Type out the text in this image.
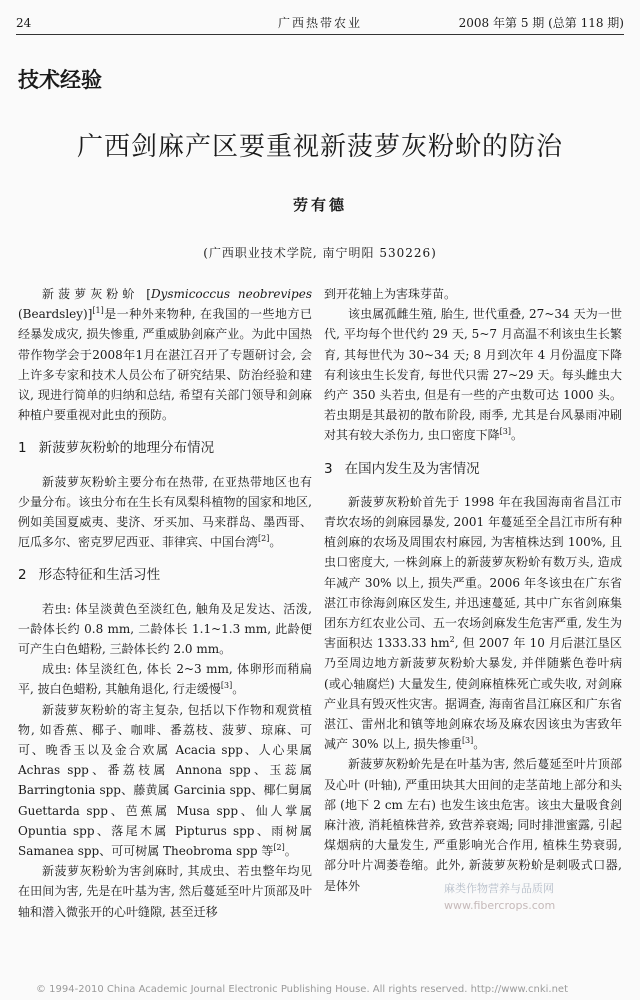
24	广西热带农业	2008 年第 5 期 (总第 118 期)
技术经验
广西剑麻产区要重视新菠萝灰粉蚧的防治
劳有德
(广西职业技术学院, 南宁明阳 530226)

新菠萝灰粉蚧 [Dysmicoccus neobrevipes (Beardsley)][1]是一种外来物种, 在我国的一些地方已经暴发成灾, 损失惨重, 严重威胁剑麻产业。为此中国热带作物学会于2008年1月在湛江召开了专题研讨会, 会上许多专家和技术人员公布了研究结果、防治经验和建议, 现进行简单的归纳和总结, 希望有关部门领导和剑麻种植户要重视对此虫的预防。

1 新菠萝灰粉蚧的地理分布情况

新菠萝灰粉蚧主要分布在热带, 在亚热带地区也有少量分布。该虫分布在生长有凤梨科植物的国家和地区, 例如美国夏威夷、斐济、牙买加、马来群岛、墨西哥、厄瓜多尔、密克罗尼西亚、菲律宾、中国台湾[2]。

2 形态特征和生活习性

若虫: 体呈淡黄色至淡红色, 触角及足发达、活泼, 一龄体长约 0.8 mm, 二龄体长 1.1~1.3 mm, 此龄便可产生白色蜡粉, 三龄体长约 2.0 mm。

成虫: 体呈淡红色, 体长 2~3 mm, 体卵形而稍扁平, 披白色蜡粉, 其触角退化, 行走缓慢[3]。

新菠萝灰粉蚧的寄主复杂, 包括以下作物和观赏植物, 如香蕉、椰子、咖啡、番荔枝、菠萝、琼麻、可可、晚香玉以及金合欢属 Acacia spp、人心果属 Achras spp、番荔枝属 Annona spp、玉蕊属 Barringtonia spp、藤黄属 Garcinia spp、椰仁舅属 Guettarda spp、芭蕉属 Musa spp、仙人掌属 Opuntia spp、落尾木属 Pipturus spp、雨树属 Samanea spp、可可树属 Theobroma spp 等[2]。

新菠萝灰粉蚧为害剑麻时, 其成虫、若虫整年均见在田间为害, 先是在叶基为害, 然后蔓延至叶片顶部及叶轴和潜入微张开的心叶缝隙, 甚至迁移

到开花轴上为害珠芽苗。

该虫属孤雌生殖, 胎生, 世代重叠, 27~34 天为一世代, 平均每个世代约 29 天, 5~7 月高温不利该虫生长繁育, 其每世代为 30~34 天; 8 月到次年 4 月份温度下降有利该虫生长发育, 每世代只需 27~29 天。每头雌虫大约产 350 头若虫, 但是有一些的产虫数可达 1000 头。若虫期是其最初的散布阶段, 雨季, 尤其是台风暴雨冲刷对其有较大杀伤力, 虫口密度下降[3]。

3 在国内发生及为害情况

新菠萝灰粉蚧首先于 1998 年在我国海南省昌江市青坎农场的剑麻园暴发, 2001 年蔓延至全昌江市所有种植剑麻的农场及周围农村麻园, 为害植株达到 100%, 且虫口密度大, 一株剑麻上的新菠萝灰粉蚧有数万头, 造成年减产 30% 以上, 损失严重。2006 年冬该虫在广东省湛江市徐海剑麻区发生, 并迅速蔓延, 其中广东省剑麻集团东方红农业公司、五一农场剑麻发生危害严重, 发生为害面积达 1333.33 $hm^2$, 但 2007 年 10 月后湛江垦区乃至周边地方新菠萝灰粉蚧大暴发, 并伴随紫色卷叶病 (或心轴腐烂) 大量发生, 使剑麻植株死亡或失收, 对剑麻产业具有毁灭性灾害。据调查, 海南省昌江麻区和广东省湛江、雷州北和镇等地剑麻农场及麻农因该虫为害致年减产 30% 以上, 损失惨重[3]。

新菠萝灰粉蚧先是在叶基为害, 然后蔓延至叶片顶部及心叶 (叶轴), 严重田块其大田间的走茎苗地上部分和头部 (地下 2 cm 左右) 也发生该虫危害。该虫大量吸食剑麻汁液, 消耗植株营养, 致营养衰竭; 同时排泄蜜露, 引起煤烟病的大量发生, 严重影响光合作用, 植株生势衰弱, 部分叶片凋萎卷缩。此外, 新菠萝灰粉蚧是刺吸式口器, 是体外	麻类作物营养与品质网
www.fibercrops.com
© 1994-2010 China Academic Journal Electronic Publishing House. All rights reserved. http://www.cnki.net
